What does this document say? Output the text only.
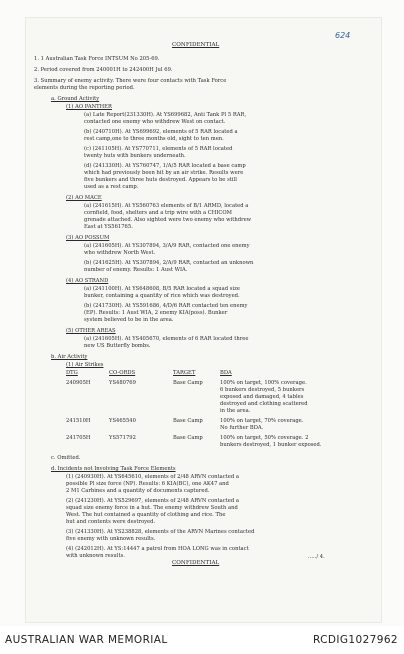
624
CONFIDENTIAL
1. 1 Australian Task Force INTSUM No 205-69.
2. Period covered from 240001H to 242400H Jul 69.
3. Summary of enemy activity. There were four contacts with Task Force
elements during the reporting period.
a. Ground Activity
(1) AO PANTHER
(a) Late Report(231330H). At YS699682, Anti Tank Pl 5 RAR,
contacted one enemy who withdrew West on contact.
(b) (240710H). At YS699692, elements of 5 RAR located a
rest camp,one to three months old, sight to ten men.
(c) (241105H). At YS770711, elements of 5 RAR located
twenty huts with bunkers underneath.
(d) (241330H). At YS760747, 1/A/5 RAR located a base camp
which had previously been hit by an air strike. Results were
five bunkers and three huts destroyed. Appears to be still
used as a rest camp.
(2) AO MACE
(a) (241615H). At YS560763 elements of B/1 ARMD, located a
cornfield, food, shelters and a trip wire with a CHICOM
grenade attached. Also sighted were two enemy who withdrew
East at YS561765.
(3) AO POSSUM
(a) (241605H). At YS307894, 3/A/9 RAR, contacted one enemy
who withdrew North West.
(b) (241625H). At YS307894, 2/A/9 RAR, contacted an unknown
number of enemy. Results: 1 Aust WIA.
(4) AO STRAND
(a) (241100H). At YS648608, B/5 RAR located a squad size
bunker, containing a quantity of rice which was destroyed.
(b) (241730H). At YS591686, 4/D/6 RAR contacted ten enemy
(EP). Results: 1 Aust WIA, 2 enemy KIA(poss). Bunker
system believed to be in the area.
(5) OTHER AREAS
(a) (241605H). At YS405670, elements of 6 RAR located three
new US Butterfly bombs.
b. Air Activity
(1) Air Strikes
DTG	CO-ORDS	TARGET	BDA
240905H	YS480769	Base Camp	100% on target, 100% coverage.
6 bunkers destroyed, 5 bunkers
exposed and damaged, 4 tables
destroyed and clothing scattered
in the area.
241510H	YS465540	Base Camp	100% on target, 70% coverage.
No further BDA.
241705H	YS571792	Base Camp	100% on target, 50% coverage. 2
bunkers destroyed, 1 bunker exposed.
c. Omitted.
d. Incidents not Involving Task Force Elements
(1) (240930H). At YS645610, elements of 2/48 ARVN contacted a
possible Pl size force (NP). Results: 6 KIA(BC), one AK47 and
2 M1 Carbines and a quantity of documents captured.
(2) (241230H). At YS529697, elements of 2/48 ARVN contacted a
squad size enemy force in a hut. The enemy withdrew South and
West. The hut contained a quantity of clothing and rice. The
hut and contents were destroyed.
(3) (241330H). At YS238828, elements of the ARVN Marines contacted
five enemy with unknown results.
(4) (242012H). At YS:14447 a patrol from HOA LONG was in contact
with unknown results.
CONFIDENTIAL
...../ 4.
AUSTRALIAN WAR MEMORIAL	RCDIG1027962
